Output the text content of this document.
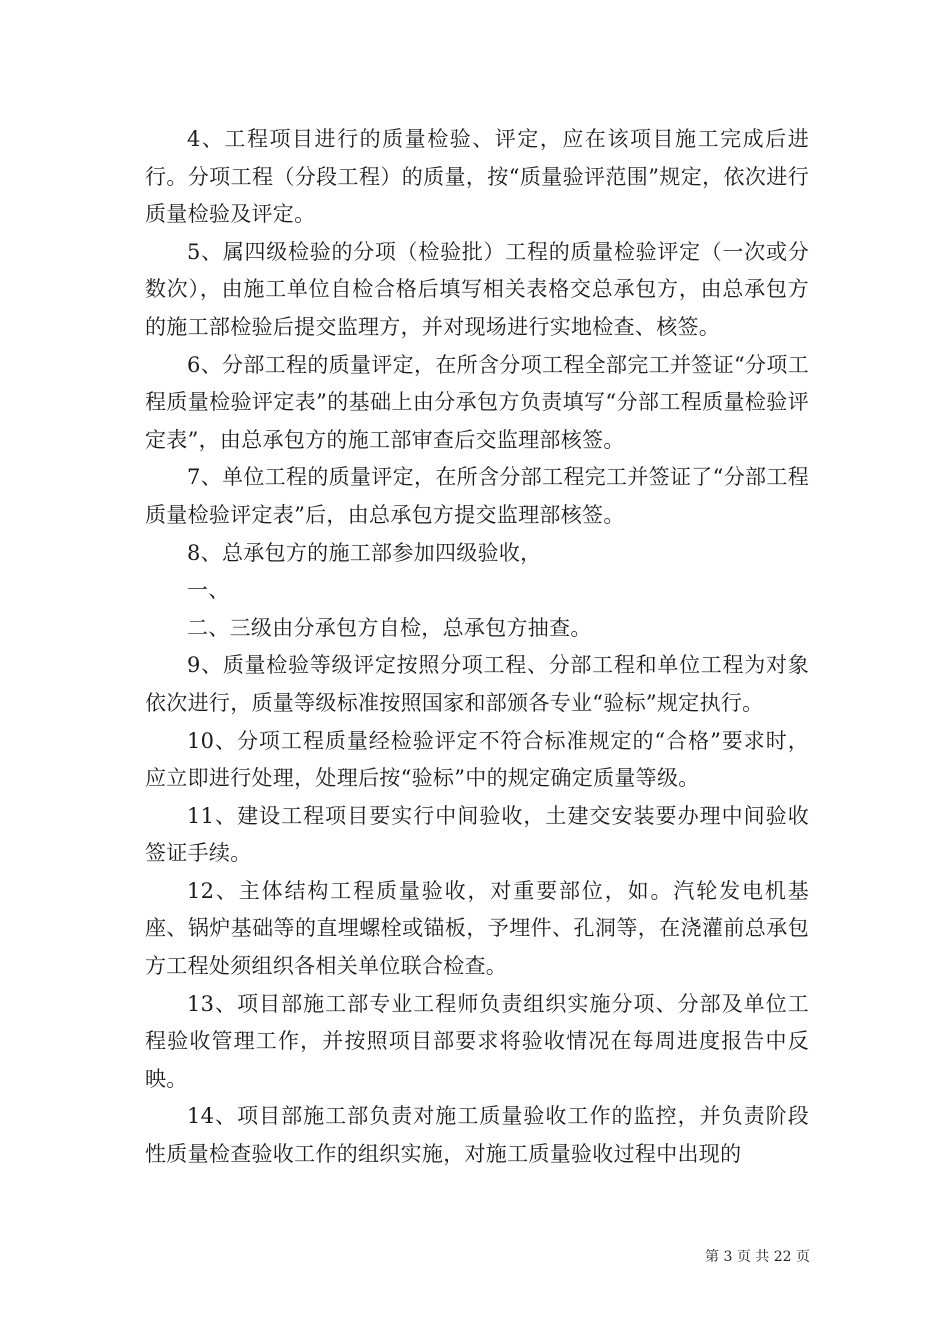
4、工程项目进行的质量检验、评定，应在该项目施工完成后进行。分项工程（分段工程）的质量，按“质量验评范围”规定，依次进行质量检验及评定。

5、属四级检验的分项（检验批）工程的质量检验评定（一次或分数次），由施工单位自检合格后填写相关表格交总承包方，由总承包方的施工部检验后提交监理方，并对现场进行实地检查、核签。

6、分部工程的质量评定，在所含分项工程全部完工并签证“分项工程质量检验评定表”的基础上由分承包方负责填写“分部工程质量检验评定表”，由总承包方的施工部审查后交监理部核签。

7、单位工程的质量评定，在所含分部工程完工并签证了“分部工程质量检验评定表”后，由总承包方提交监理部核签。

8、总承包方的施工部参加四级验收，

一、

二、三级由分承包方自检，总承包方抽查。

9、质量检验等级评定按照分项工程、分部工程和单位工程为对象依次进行，质量等级标准按照国家和部颁各专业“验标”规定执行。

10、分项工程质量经检验评定不符合标准规定的“合格”要求时，应立即进行处理，处理后按“验标”中的规定确定质量等级。

11、建设工程项目要实行中间验收，土建交安装要办理中间验收签证手续。

12、主体结构工程质量验收，对重要部位，如。汽轮发电机基座、锅炉基础等的直埋螺栓或锚板，予埋件、孔洞等，在浇灌前总承包方工程处须组织各相关单位联合检查。

13、项目部施工部专业工程师负责组织实施分项、分部及单位工程验收管理工作，并按照项目部要求将验收情况在每周进度报告中反映。

14、项目部施工部负责对施工质量验收工作的监控，并负责阶段性质量检查验收工作的组织实施，对施工质量验收过程中出现的

第 3 页 共 22 页
